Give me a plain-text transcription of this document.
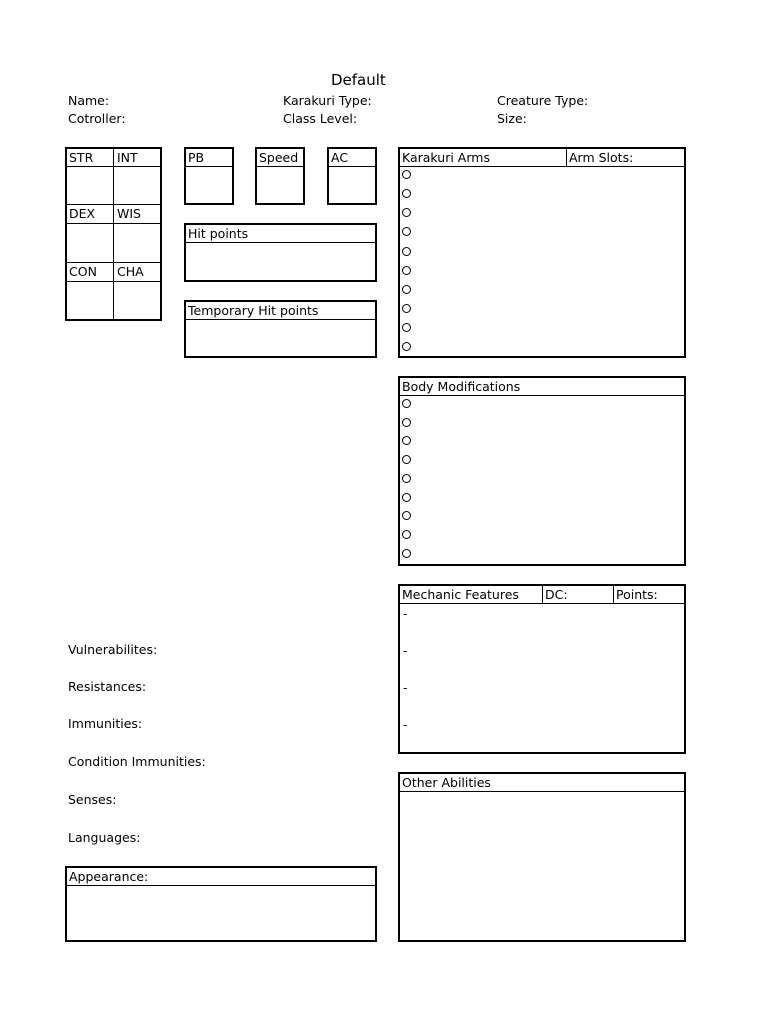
Default
Name:
Cotroller:
Karakuri Type:
Class Level:
Creature Type:
Size:
STR INT
DEX WIS
CON CHA
PB	Speed	AC
Hit points
Temporary Hit points
Karakuri Arms	Arm Slots:
Body Modifications
Mechanic Features DC:	Points:
-
-
-
-
Other Abilities
Vulnerabilites:
Resistances:
Immunities:
Condition Immunities:
Senses:
Languages:
Appearance:
